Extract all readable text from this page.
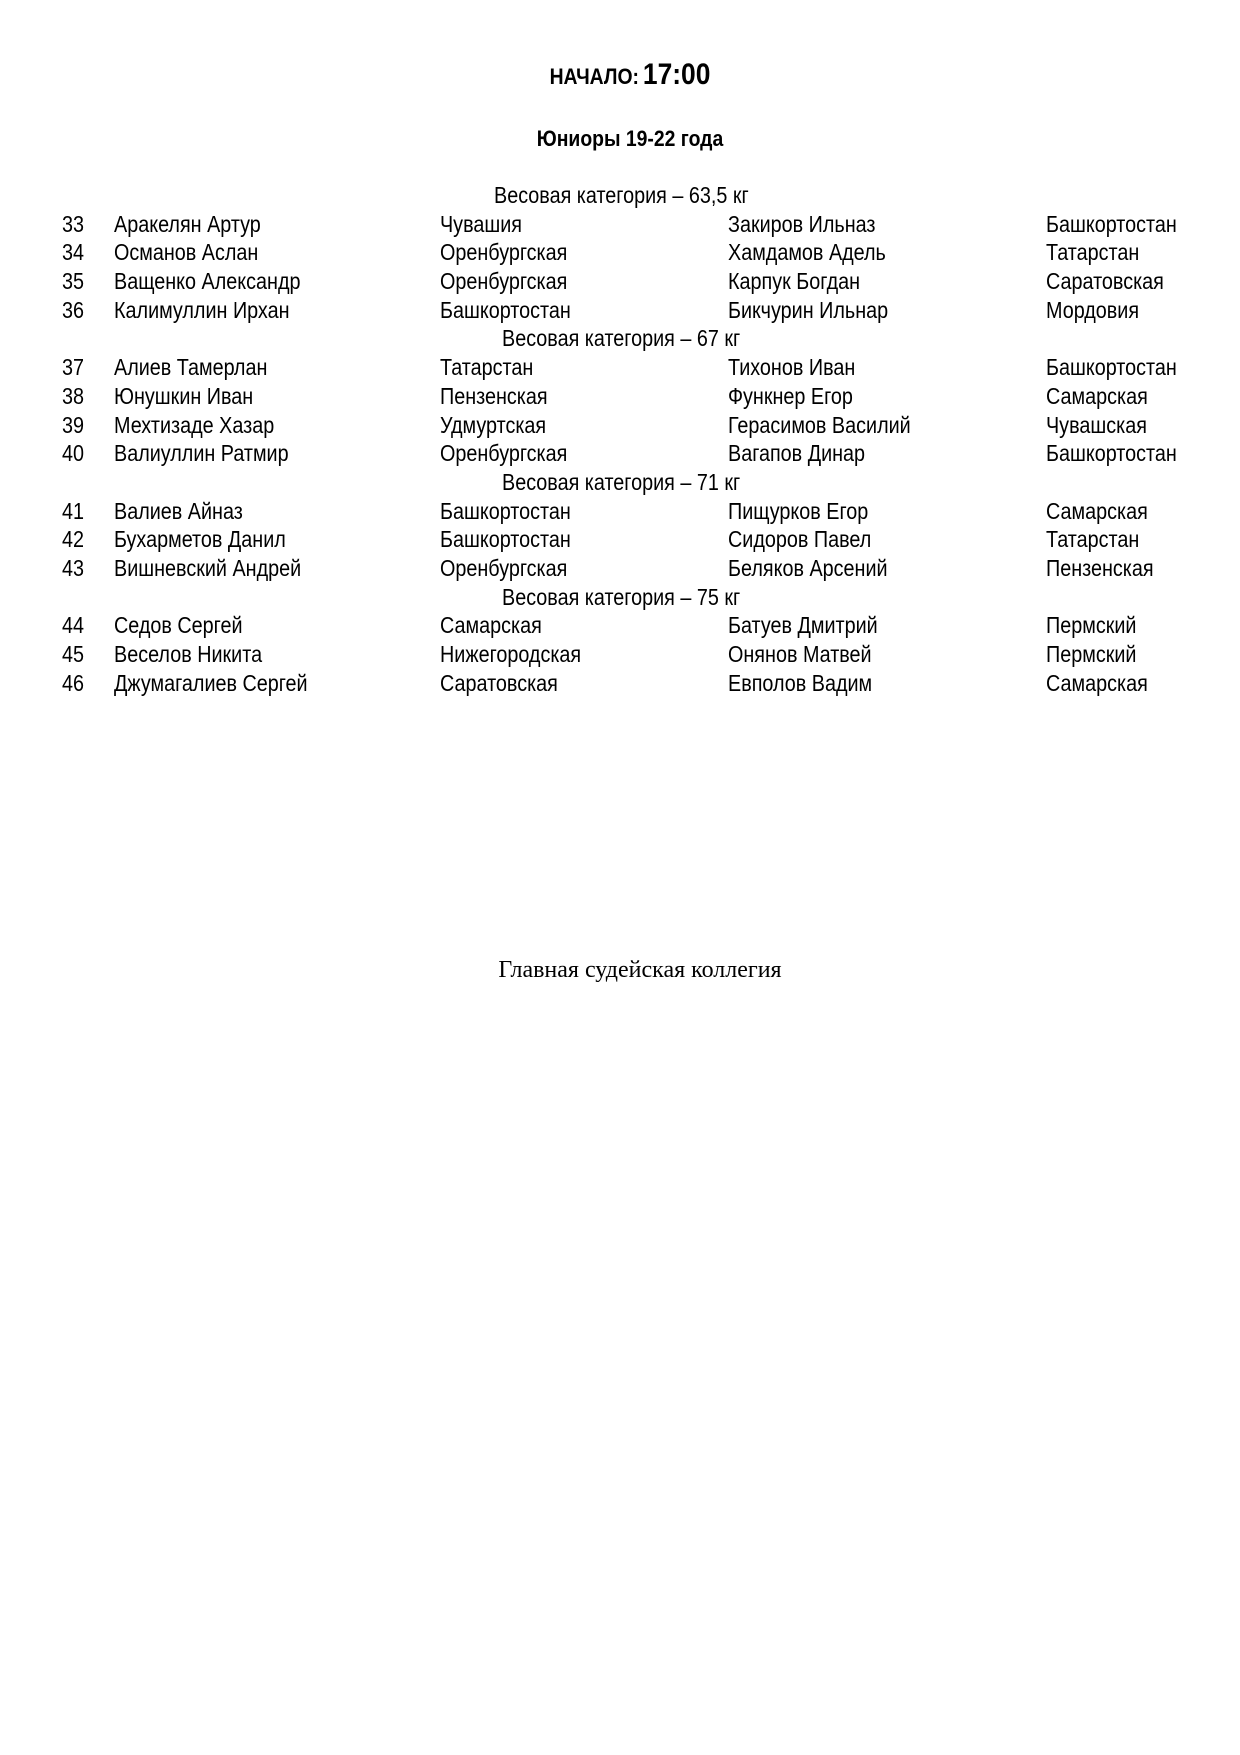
НАЧАЛО: 17:00
Юниоры 19-22 года
Весовая категория – 63,5 кг
33 Аракелян Артур	Чувашия	Закиров Ильназ	Башкортостан
34 Османов Аслан	Оренбургская	Хамдамов Адель	Татарстан
35 Ващенко Александр	Оренбургская	Карпук Богдан	Саратовская
36 Калимуллин Ирхан	Башкортостан	Бикчурин Ильнар	Мордовия
Весовая категория – 67 кг
37 Алиев Тамерлан	Татарстан	Тихонов Иван	Башкортостан
38 Юнушкин Иван	Пензенская	Функнер Егор	Самарская
39 Мехтизаде Хазар	Удмуртская	Герасимов Василий	Чувашская
40 Валиуллин Ратмир	Оренбургская	Вагапов Динар	Башкортостан
Весовая категория – 71 кг
41 Валиев Айназ	Башкортостан	Пищурков Егор	Самарская
42 Бухарметов Данил	Башкортостан	Сидоров Павел	Татарстан
43 Вишневский Андрей	Оренбургская	Беляков Арсений	Пензенская
Весовая категория – 75 кг
44 Седов Сергей	Самарская	Батуев Дмитрий	Пермский
45 Веселов Никита	Нижегородская	Онянов Матвей	Пермский
46 Джумагалиев Сергей	Саратовская	Евполов Вадим	Самарская
Главная судейская коллегия
